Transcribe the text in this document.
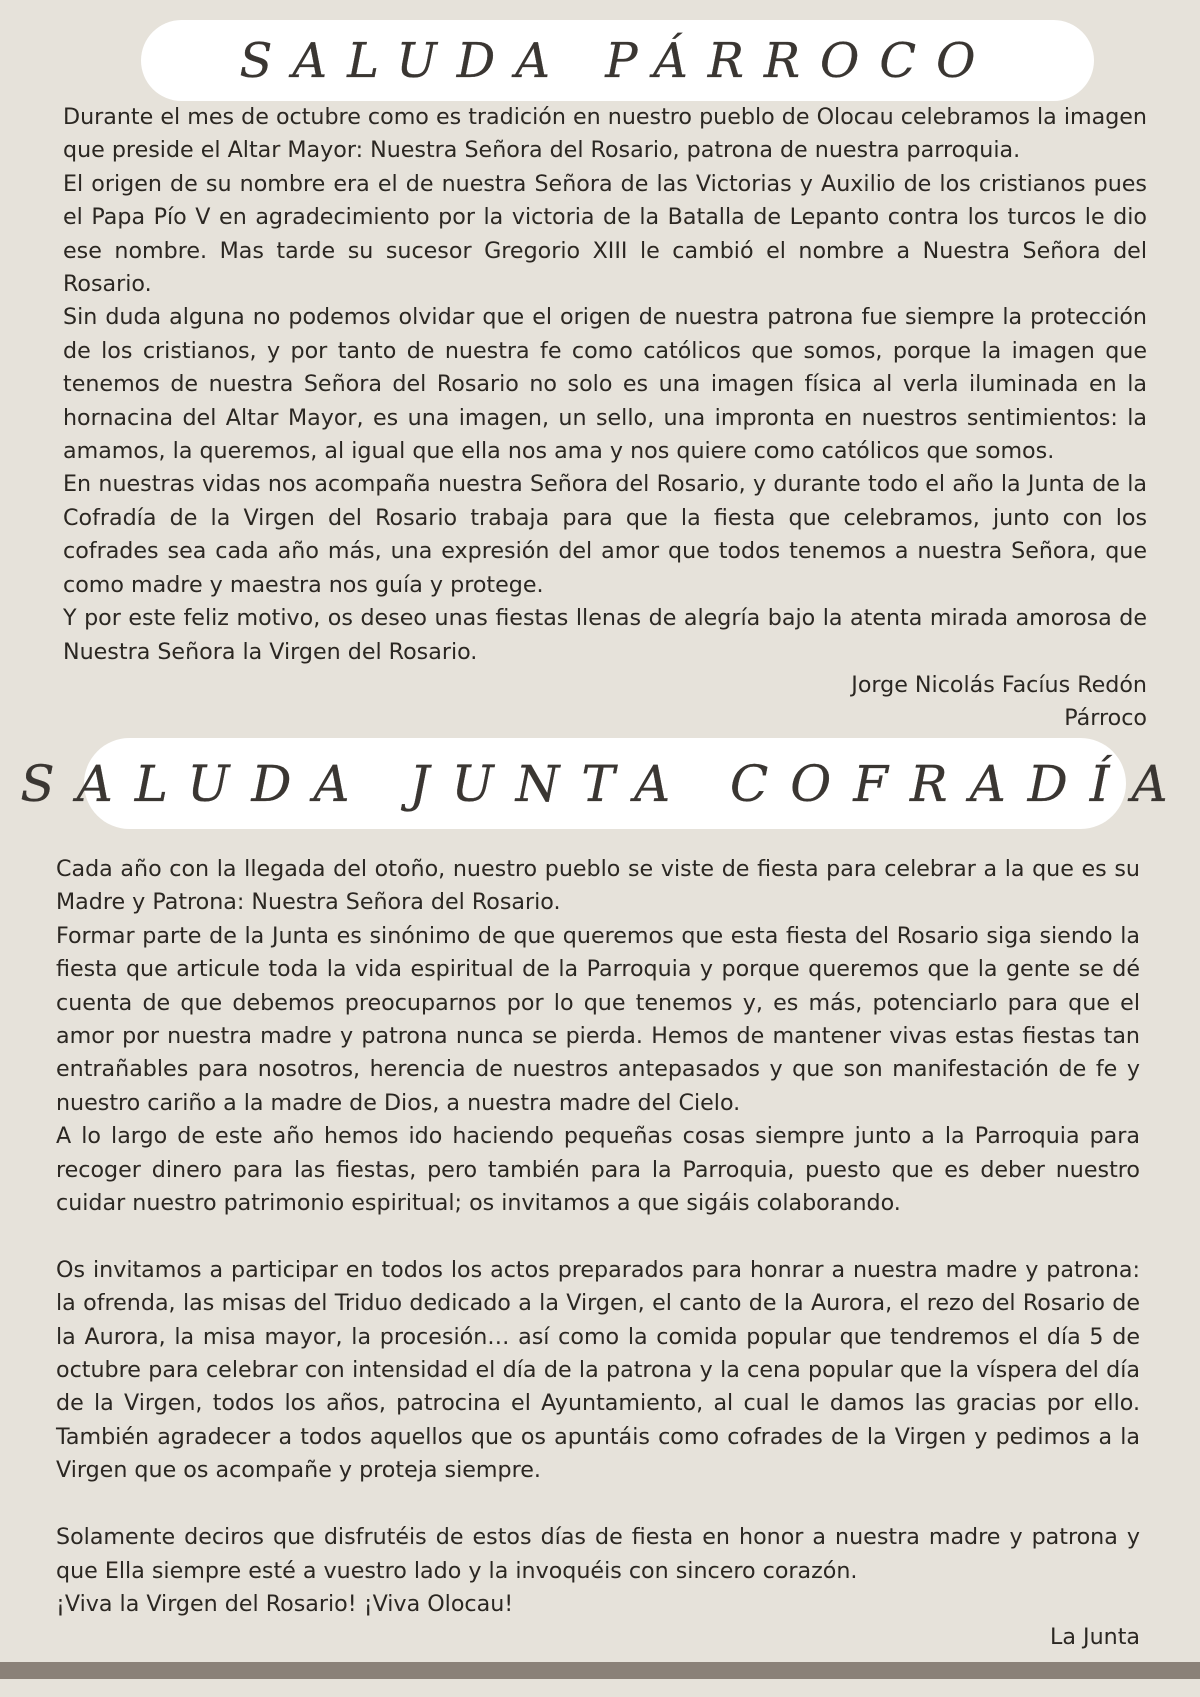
SALUDA PÁRROCO

Durante el mes de octubre como es tradición en nuestro pueblo de Olocau celebramos la imagen que preside el Altar Mayor: Nuestra Señora del Rosario, patrona de nuestra parroquia.

El origen de su nombre era el de nuestra Señora de las Victorias y Auxilio de los cristianos pues el Papa Pío V en agradecimiento por la victoria de la Batalla de Lepanto contra los turcos le dio ese nombre. Mas tarde su sucesor Gregorio XIII le cambió el nombre a Nuestra Señora del Rosario.

Sin duda alguna no podemos olvidar que el origen de nuestra patrona fue siempre la protección de los cristianos, y por tanto de nuestra fe como católicos que somos, porque la imagen que tenemos de nuestra Señora del Rosario no solo es una imagen física al verla iluminada en la hornacina del Altar Mayor, es una imagen, un sello, una impronta en nuestros sentimientos: la amamos, la queremos, al igual que ella nos ama y nos quiere como católicos que somos.

En nuestras vidas nos acompaña nuestra Señora del Rosario, y durante todo el año la Junta de la Cofradía de la Virgen del Rosario trabaja para que la fiesta que celebramos, junto con los cofrades sea cada año más, una expresión del amor que todos tenemos a nuestra Señora, que como madre y maestra nos guía y protege.

Y por este feliz motivo, os deseo unas fiestas llenas de alegría bajo la atenta mirada amorosa de Nuestra Señora la Virgen del Rosario.

Jorge Nicolás Facíus Redón

Párroco

SALUDA JUNTA COFRADÍA

Cada año con la llegada del otoño, nuestro pueblo se viste de fiesta para celebrar a la que es su Madre y Patrona: Nuestra Señora del Rosario.

Formar parte de la Junta es sinónimo de que queremos que esta fiesta del Rosario siga siendo la fiesta que articule toda la vida espiritual de la Parroquia y porque queremos que la gente se dé cuenta de que debemos preocuparnos por lo que tenemos y, es más, potenciarlo para que el amor por nuestra madre y patrona nunca se pierda. Hemos de mantener vivas estas fiestas tan entrañables para nosotros, herencia de nuestros antepasados y que son manifestación de fe y nuestro cariño a la madre de Dios, a nuestra madre del Cielo.

A lo largo de este año hemos ido haciendo pequeñas cosas siempre junto a la Parroquia para recoger dinero para las fiestas, pero también para la Parroquia, puesto que es deber nuestro cuidar nuestro patrimonio espiritual; os invitamos a que sigáis colaborando.

Os invitamos a participar en todos los actos preparados para honrar a nuestra madre y patrona: la ofrenda, las misas del Triduo dedicado a la Virgen, el canto de la Aurora, el rezo del Rosario de la Aurora, la misa mayor, la procesión… así como la comida popular que tendremos el día 5 de octubre para celebrar con intensidad el día de la patrona y la cena popular que la víspera del día de la Virgen, todos los años, patrocina el Ayuntamiento, al cual le damos las gracias por ello. También agradecer a todos aquellos que os apuntáis como cofrades de la Virgen y pedimos a la Virgen que os acompañe y proteja siempre.

Solamente deciros que disfrutéis de estos días de fiesta en honor a nuestra madre y patrona y que Ella siempre esté a vuestro lado y la invoquéis con sincero corazón.

¡Viva la Virgen del Rosario! ¡Viva Olocau!

La Junta
